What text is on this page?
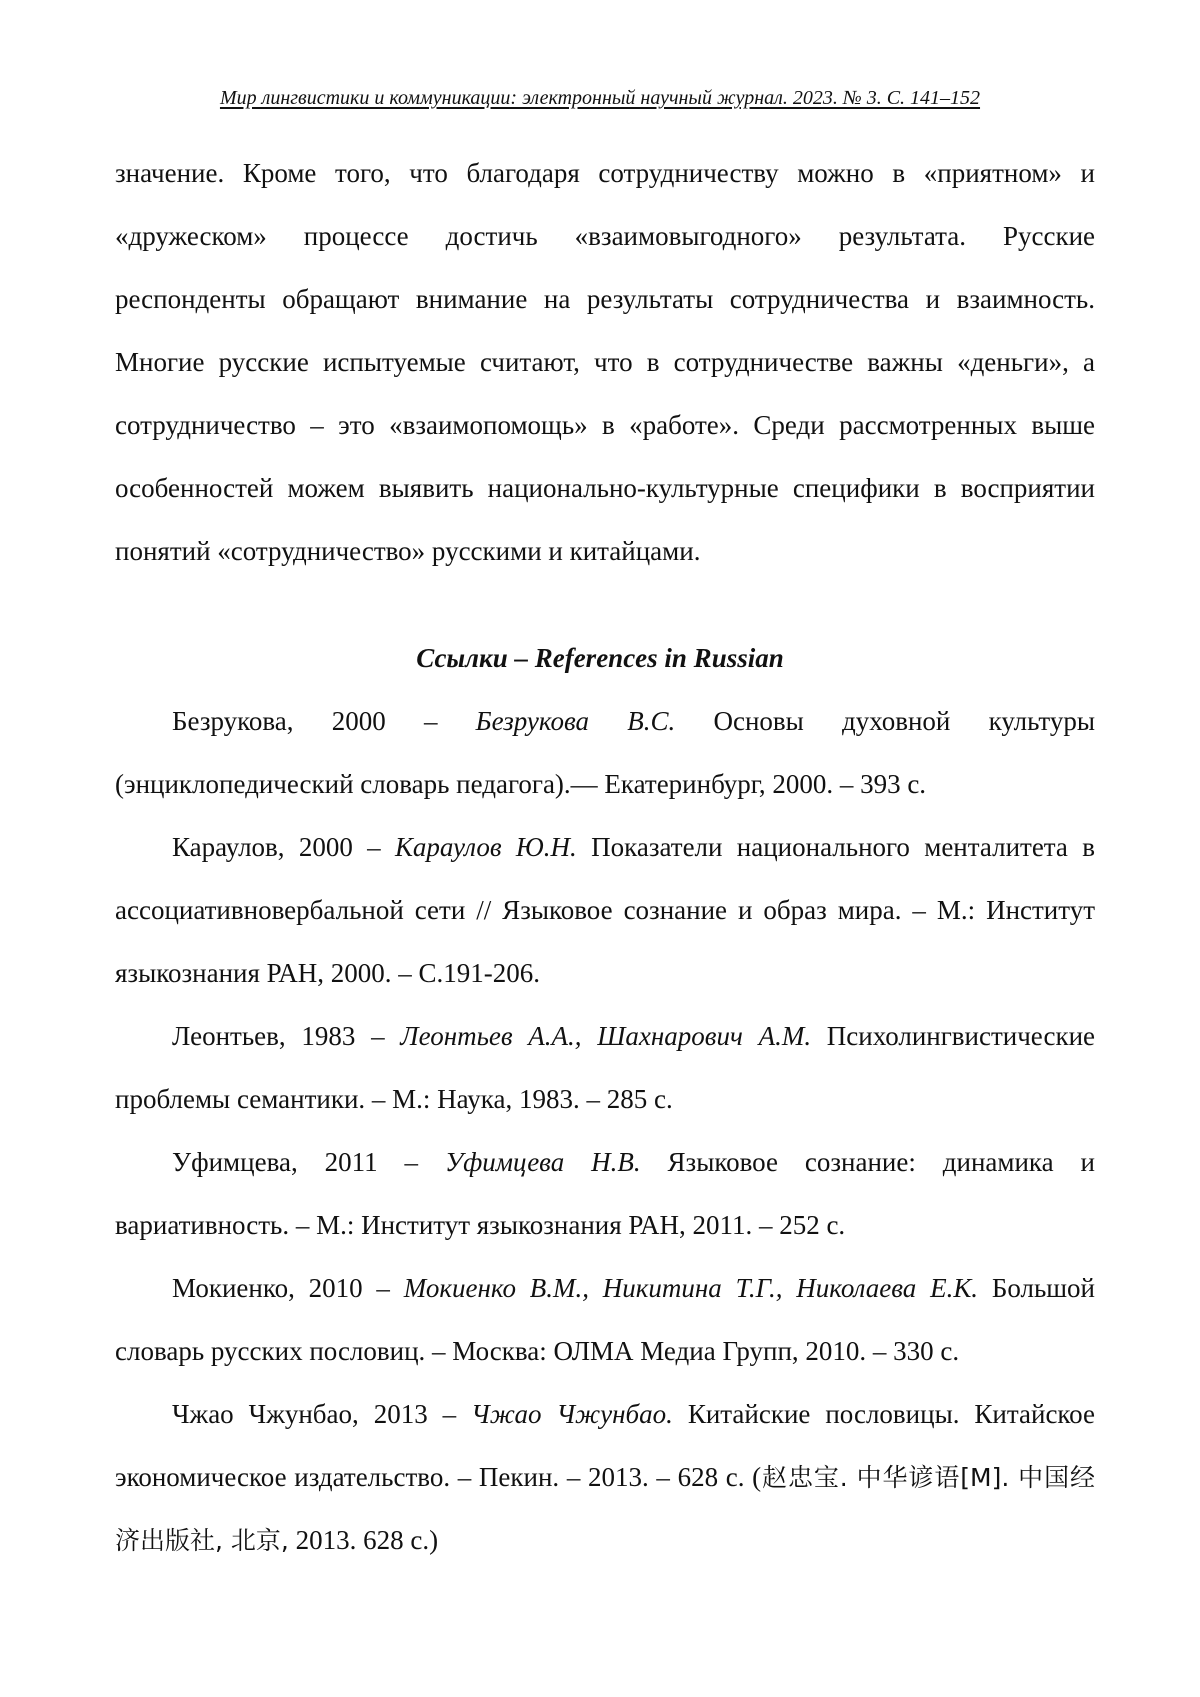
Мир лингвистики и коммуникации: электронный научный журнал. 2023. № 3. С. 141–152

значение. Кроме того, что благодаря сотрудничеству можно в «приятном» и «дружеском» процессе достичь «взаимовыгодного» результата. Русские респонденты обращают внимание на результаты сотрудничества и взаимность. Многие русские испытуемые считают, что в сотрудничестве важны «деньги», а сотрудничество – это «взаимопомощь» в «работе». Среди рассмотренных выше особенностей можем выявить национально-культурные специфики в восприятии понятий «сотрудничество» русскими и китайцами.

Ссылки – References in Russian

Безрукова, 2000 – Безрукова В.С. Основы духовной культуры (энциклопедический словарь педагога).— Екатеринбург, 2000. – 393 с.

Караулов, 2000 – Караулов Ю.Н. Показатели национального менталитета в ассоциативновербальной сети // Языковое сознание и образ мира. – М.: Институт языкознания РАН, 2000. – С.191-206.

Леонтьев, 1983 – Леонтьев А.А., Шахнарович А.М. Психолингвистические проблемы семантики. – М.: Наука, 1983. – 285 с.

Уфимцева, 2011 – Уфимцева Н.В. Языковое сознание: динамика и вариативность. – М.: Институт языкознания РАН, 2011. – 252 с.

Мокиенко, 2010 – Мокиенко В.М., Никитина Т.Г., Николаева Е.К. Большой словарь русских пословиц. – Москва: ОЛМА Медиа Групп, 2010. – 330 с.

Чжао Чжунбао, 2013 – Чжао Чжунбао. Китайские пословицы. Китайское экономическое издательство. – Пекин. – 2013. – 628 с. (赵忠宝. 中华谚语[M]. 中国经济出版社, 北京, 2013. 628 c.)
